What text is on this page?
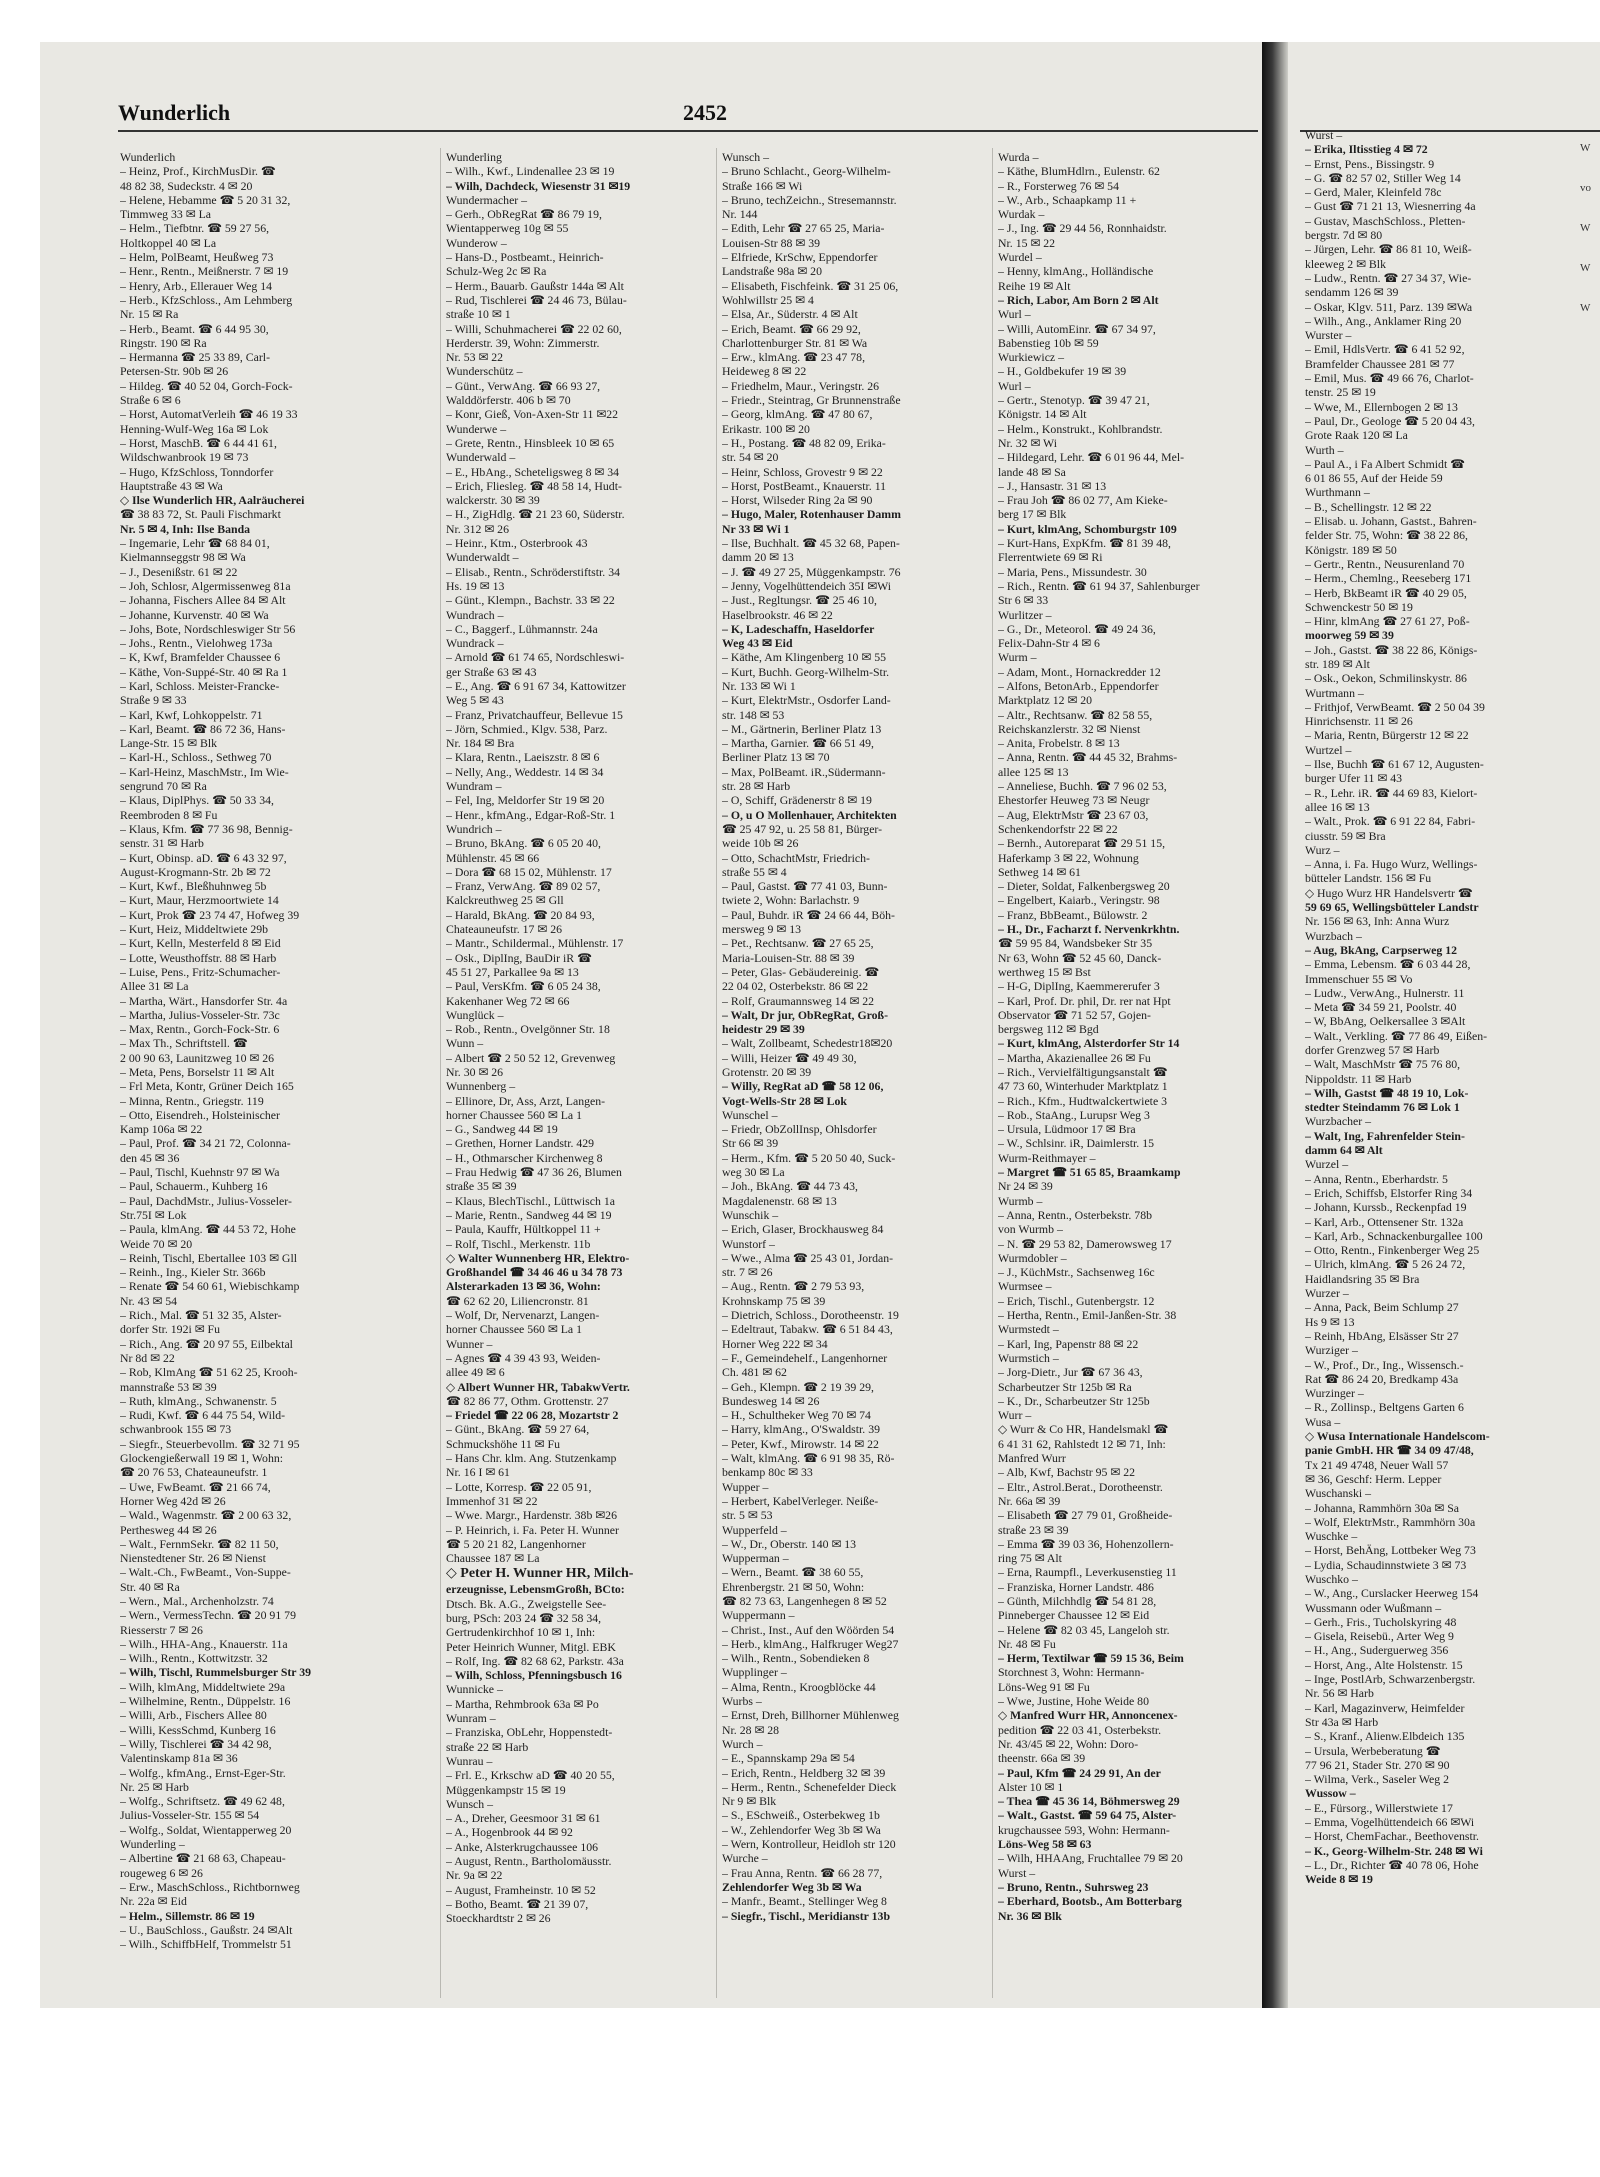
Wunderlich	2452
Wunderlich
– Heinz, Prof., KirchMusDir. ☎
48 82 38, Sudeckstr. 4 ✉ 20
– Helene, Hebamme ☎ 5 20 31 32,
Timmweg 33 ✉ La
– Helm., Tiefbtnr. ☎ 59 27 56,
Holtkoppel 40 ✉ La
– Helm, PolBeamt, Heußweg 73
– Henr., Rentn., Meißnerstr. 7 ✉ 19
– Henry, Arb., Ellerauer Weg 14
– Herb., KfzSchloss., Am Lehmberg
Nr. 15 ✉ Ra
– Herb., Beamt. ☎ 6 44 95 30,
Ringstr. 190 ✉ Ra
– Hermanna ☎ 25 33 89, Carl-
Petersen-Str. 90b ✉ 26
– Hildeg. ☎ 40 52 04, Gorch-Fock-
Straße 6 ✉ 6
– Horst, AutomatVerleih ☎ 46 19 33
Henning-Wulf-Weg 16a ✉ Lok
– Horst, MaschB. ☎ 6 44 41 61,
Wildschwanbrook 19 ✉ 73
– Hugo, KfzSchloss, Tonndorfer
Hauptstraße 43 ✉ Wa
◇ Ilse Wunderlich HR, Aalräucherei
☎ 38 83 72, St. Pauli Fischmarkt
Nr. 5 ✉ 4, Inh: Ilse Banda
– Ingemarie, Lehr ☎ 68 84 01,
Kielmannseggstr 98 ✉ Wa
– J., Desenißstr. 61 ✉ 22
– Joh, Schlosr, Algermissenweg 81a
– Johanna, Fischers Allee 84 ✉ Alt
– Johanne, Kurvenstr. 40 ✉ Wa
– Johs, Bote, Nordschleswiger Str 56
– Johs., Rentn., Vielohweg 173a
– K, Kwf, Bramfelder Chaussee 6
– Käthe, Von-Suppé-Str. 40 ✉ Ra 1
– Karl, Schloss. Meister-Francke-
Straße 9 ✉ 33
– Karl, Kwf, Lohkoppelstr. 71
– Karl, Beamt. ☎ 86 72 36, Hans-
Lange-Str. 15 ✉ Blk
– Karl-H., Schloss., Sethweg 70
– Karl-Heinz, MaschMstr., Im Wie-
sengrund 70 ✉ Ra
– Klaus, DiplPhys. ☎ 50 33 34,
Reembroden 8 ✉ Fu
– Klaus, Kfm. ☎ 77 36 98, Bennig-
senstr. 31 ✉ Harb
– Kurt, Obinsp. aD. ☎ 6 43 32 97,
August-Krogmann-Str. 2b ✉ 72
– Kurt, Kwf., Bleßhuhnweg 5b
– Kurt, Maur, Herzmoortwiete 14
– Kurt, Prok ☎ 23 74 47, Hofweg 39
– Kurt, Heiz, Middeltwiete 29b
– Kurt, Kelln, Mesterfeld 8 ✉ Eid
– Lotte, Weusthoffstr. 88 ✉ Harb
– Luise, Pens., Fritz-Schumacher-
Allee 31 ✉ La
– Martha, Wärt., Hansdorfer Str. 4a
– Martha, Julius-Vosseler-Str. 73c
– Max, Rentn., Gorch-Fock-Str. 6
– Max Th., Schriftstell. ☎
2 00 90 63, Launitzweg 10 ✉ 26
– Meta, Pens, Borselstr 11 ✉ Alt
– Frl Meta, Kontr, Grüner Deich 165
– Minna, Rentn., Griegstr. 119
– Otto, Eisendreh., Holsteinischer
Kamp 106a ✉ 22
– Paul, Prof. ☎ 34 21 72, Colonna-
den 45 ✉ 36
– Paul, Tischl, Kuehnstr 97 ✉ Wa
– Paul, Schauerm., Kuhberg 16
– Paul, DachdMstr., Julius-Vosseler-
Str.75I ✉ Lok
– Paula, klmAng. ☎ 44 53 72, Hohe
Weide 70 ✉ 20
– Reinh, Tischl, Ebertallee 103 ✉ Gll
– Reinh., Ing., Kieler Str. 366b
– Renate ☎ 54 60 61, Wiebischkamp
Nr. 43 ✉ 54
– Rich., Mal. ☎ 51 32 35, Alster-
dorfer Str. 192i ✉ Fu
– Rich., Ang. ☎ 20 97 55, Eilbektal
Nr 8d ✉ 22
– Rob, KlmAng ☎ 51 62 25, Krooh-
mannstraße 53 ✉ 39
– Ruth, klmAng., Schwanenstr. 5
– Rudi, Kwf. ☎ 6 44 75 54, Wild-
schwanbrook 155 ✉ 73
– Siegfr., Steuerbevollm. ☎ 32 71 95
Glockengießerwall 19 ✉ 1, Wohn:
☎ 20 76 53, Chateauneufstr. 1
– Uwe, FwBeamt. ☎ 21 66 74,
Horner Weg 42d ✉ 26
– Wald., Wagenmstr. ☎ 2 00 63 32,
Perthesweg 44 ✉ 26
– Walt., FernmSekr. ☎ 82 11 50,
Nienstedtener Str. 26 ✉ Nienst
– Walt.-Ch., FwBeamt., Von-Suppe-
Str. 40 ✉ Ra
– Wern., Mal., Archenholzstr. 74
– Wern., VermessTechn. ☎ 20 91 79
Riesserstr 7 ✉ 26
– Wilh., HHA-Ang., Knauerstr. 11a
– Wilh., Rentn., Kottwitzstr. 32
– Wilh, Tischl, Rummelsburger Str 39
– Wilh, klmAng, Middeltwiete 29a
– Wilhelmine, Rentn., Düppelstr. 16
– Willi, Arb., Fischers Allee 80
– Willi, KessSchmd, Kunberg 16
– Willy, Tischlerei ☎ 34 42 98,
Valentinskamp 81a ✉ 36
– Wolfg., kfmAng., Ernst-Eger-Str.
Nr. 25 ✉ Harb
– Wolfg., Schriftsetz. ☎ 49 62 48,
Julius-Vosseler-Str. 155 ✉ 54
– Wolfg., Soldat, Wientapperweg 20
Wunderling –
– Albertine ☎ 21 68 63, Chapeau-
rougeweg 6 ✉ 26
– Erw., MaschSchloss., Richtbornweg
Nr. 22a ✉ Eid
– Helm., Sillemstr. 86 ✉ 19
– U., BauSchloss., Gaußstr. 24 ✉Alt
– Wilh., SchiffbHelf, Trommelstr 51
Wunderling
– Wilh., Kwf., Lindenallee 23 ✉ 19
– Wilh, Dachdeck, Wiesenstr 31 ✉19
Wundermacher –
– Gerh., ObRegRat ☎ 86 79 19,
Wientapperweg 10g ✉ 55
Wunderow –
– Hans-D., Postbeamt., Heinrich-
Schulz-Weg 2c ✉ Ra
– Herm., Bauarb. Gaußstr 144a ✉ Alt
– Rud, Tischlerei ☎ 24 46 73, Bülau-
straße 10 ✉ 1
– Willi, Schuhmacherei ☎ 22 02 60,
Herderstr. 39, Wohn: Zimmerstr.
Nr. 53 ✉ 22
Wunderschütz –
– Günt., VerwAng. ☎ 66 93 27,
Walddörferstr. 406 b ✉ 70
– Konr, Gieß, Von-Axen-Str 11 ✉22
Wunderwe –
– Grete, Rentn., Hinsbleek 10 ✉ 65
Wunderwald –
– E., HbAng., Scheteligsweg 8 ✉ 34
– Erich, Fliesleg. ☎ 48 58 14, Hudt-
walckerstr. 30 ✉ 39
– H., ZigHdlg. ☎ 21 23 60, Süderstr.
Nr. 312 ✉ 26
– Heinr., Ktm., Osterbrook 43
Wunderwaldt –
– Elisab., Rentn., Schröderstiftstr. 34
Hs. 19 ✉ 13
– Günt., Klempn., Bachstr. 33 ✉ 22
Wundrach –
– C., Baggerf., Lühmannstr. 24a
Wundrack –
– Arnold ☎ 61 74 65, Nordschleswi-
ger Straße 63 ✉ 43
– E., Ang. ☎ 6 91 67 34, Kattowitzer
Weg 5 ✉ 43
– Franz, Privatchauffeur, Bellevue 15
– Jörn, Schmied., Klgv. 538, Parz.
Nr. 184 ✉ Bra
– Klara, Rentn., Laeiszstr. 8 ✉ 6
– Nelly, Ang., Weddestr. 14 ✉ 34
Wundram –
– Fel, Ing, Meldorfer Str 19 ✉ 20
– Henr., kfmAng., Edgar-Roß-Str. 1
Wundrich –
– Bruno, BkAng. ☎ 6 05 20 40,
Mühlenstr. 45 ✉ 66
– Dora ☎ 68 15 02, Mühlenstr. 17
– Franz, VerwAng. ☎ 89 02 57,
Kalckreuthweg 25 ✉ Gll
– Harald, BkAng. ☎ 20 84 93,
Chateauneufstr. 17 ✉ 26
– Mantr., Schildermal., Mühlenstr. 17
– Osk., DiplIng, BauDir iR ☎
45 51 27, Parkallee 9a ✉ 13
– Paul, VersKfm. ☎ 6 05 24 38,
Kakenhaner Weg 72 ✉ 66
Wunglück –
– Rob., Rentn., Ovelgönner Str. 18
Wunn –
– Albert ☎ 2 50 52 12, Grevenweg
Nr. 30 ✉ 26
Wunnenberg –
– Ellinore, Dr, Ass, Arzt, Langen-
horner Chaussee 560 ✉ La 1
– G., Sandweg 44 ✉ 19
– Grethen, Horner Landstr. 429
– H., Othmarscher Kirchenweg 8
– Frau Hedwig ☎ 47 36 26, Blumen
straße 35 ✉ 39
– Klaus, BlechTischl., Lüttwisch 1a
– Marie, Rentn., Sandweg 44 ✉ 19
– Paula, Kauffr, Hültkoppel 11 +
– Rolf, Tischl., Merkenstr. 11b
◇ Walter Wunnenberg HR, Elektro-
Großhandel ☎ 34 46 46 u 34 78 73
Alsterarkaden 13 ✉ 36, Wohn:
☎ 62 62 20, Liliencronstr. 81
– Wolf, Dr, Nervenarzt, Langen-
horner Chaussee 560 ✉ La 1
Wunner –
– Agnes ☎ 4 39 43 93, Weiden-
allee 49 ✉ 6
◇ Albert Wunner HR, TabakwVertr.
☎ 82 86 77, Othm. Grottenstr. 27
– Friedel ☎ 22 06 28, Mozartstr 2
– Günt., BkAng. ☎ 59 27 64,
Schmuckshöhe 11 ✉ Fu
– Hans Chr. klm. Ang. Stutzenkamp
Nr. 16 I ✉ 61
– Lotte, Korresp. ☎ 22 05 91,
Immenhof 31 ✉ 22
– Wwe. Margr., Hardenstr. 38b ✉26
– P. Heinrich, i. Fa. Peter H. Wunner
☎ 5 20 21 82, Langenhorner
Chaussee 187 ✉ La
◇ Peter H. Wunner HR, Milch-
erzeugnisse, LebensmGroßh, BCto:
Dtsch. Bk. A.G., Zweigstelle See-
burg, PSch: 203 24 ☎ 32 58 34,
Gertrudenkirchhof 10 ✉ 1, Inh:
Peter Heinrich Wunner, Mitgl. EBK
– Rolf, Ing. ☎ 82 68 62, Parkstr. 43a
– Wilh, Schloss, Pfenningsbusch 16
Wunnicke –
– Martha, Rehmbrook 63a ✉ Po
Wunram –
– Franziska, ObLehr, Hoppenstedt-
straße 22 ✉ Harb
Wunrau –
– Frl. E., Krkschw aD ☎ 40 20 55,
Müggenkampstr 15 ✉ 19
Wunsch –
– A., Dreher, Geesmoor 31 ✉ 61
– A., Hogenbrook 44 ✉ 92
– Anke, Alsterkrugchaussee 106
– August, Rentn., Bartholomäusstr.
Nr. 9a ✉ 22
– August, Framheinstr. 10 ✉ 52
– Botho, Beamt. ☎ 21 39 07,
Stoeckhardtstr 2 ✉ 26
Wunsch –
– Bruno Schlacht., Georg-Wilhelm-
Straße 166 ✉ Wi
– Bruno, techZeichn., Stresemannstr.
Nr. 144
– Edith, Lehr ☎ 27 65 25, Maria-
Louisen-Str 88 ✉ 39
– Elfriede, KrSchw, Eppendorfer
Landstraße 98a ✉ 20
– Elisabeth, Fischfeink. ☎ 31 25 06,
Wohlwillstr 25 ✉ 4
– Elsa, Ar., Süderstr. 4 ✉ Alt
– Erich, Beamt. ☎ 66 29 92,
Charlottenburger Str. 81 ✉ Wa
– Erw., klmAng. ☎ 23 47 78,
Heideweg 8 ✉ 22
– Friedhelm, Maur., Veringstr. 26
– Friedr., Steintrag, Gr Brunnenstraße
– Georg, klmAng. ☎ 47 80 67,
Erikastr. 100 ✉ 20
– H., Postang. ☎ 48 82 09, Erika-
str. 54 ✉ 20
– Heinr, Schloss, Grovestr 9 ✉ 22
– Horst, PostBeamt., Knauerstr. 11
– Horst, Wilseder Ring 2a ✉ 90
– Hugo, Maler, Rotenhauser Damm
Nr 33 ✉ Wi 1
– Ilse, Buchhalt. ☎ 45 32 68, Papen-
damm 20 ✉ 13
– J. ☎ 49 27 25, Müggenkampstr. 76
– Jenny, Vogelhüttendeich 35I ✉Wi
– Just., Regltungsr. ☎ 25 46 10,
Haselbrookstr. 46 ✉ 22
– K, Ladeschaffn, Haseldorfer
Weg 43 ✉ Eid
– Käthe, Am Klingenberg 10 ✉ 55
– Kurt, Buchh. Georg-Wilhelm-Str.
Nr. 133 ✉ Wi 1
– Kurt, ElektrMstr., Osdorfer Land-
str. 148 ✉ 53
– M., Gärtnerin, Berliner Platz 13
– Martha, Garnier. ☎ 66 51 49,
Berliner Platz 13 ✉ 70
– Max, PolBeamt. iR.,Südermann-
str. 28 ✉ Harb
– O, Schiff, Grädenerstr 8 ✉ 19
– O, u O Mollenhauer, Architekten
☎ 25 47 92, u. 25 58 81, Bürger-
weide 10b ✉ 26
– Otto, SchachtMstr, Friedrich-
straße 55 ✉ 4
– Paul, Gastst. ☎ 77 41 03, Bunn-
twiete 2, Wohn: Barlachstr. 9
– Paul, Buhdr. iR ☎ 24 66 44, Böh-
mersweg 9 ✉ 13
– Pet., Rechtsanw. ☎ 27 65 25,
Maria-Louisen-Str. 88 ✉ 39
– Peter, Glas- Gebäudereinig. ☎
22 04 02, Osterbekstr. 86 ✉ 22
– Rolf, Graumannsweg 14 ✉ 22
– Walt, Dr jur, ObRegRat, Groß-
heidestr 29 ✉ 39
– Walt, Zollbeamt, Schedestr18✉20
– Willi, Heizer ☎ 49 49 30,
Grotenstr. 20 ✉ 39
– Willy, RegRat aD ☎ 58 12 06,
Vogt-Wells-Str 28 ✉ Lok
Wunschel –
– Friedr, ObZollInsp, Ohlsdorfer
Str 66 ✉ 39
– Herm., Kfm. ☎ 5 20 50 40, Suck-
weg 30 ✉ La
– Joh., BkAng. ☎ 44 73 43,
Magdalenenstr. 68 ✉ 13
Wunschik –
– Erich, Glaser, Brockhausweg 84
Wunstorf –
– Wwe., Alma ☎ 25 43 01, Jordan-
str. 7 ✉ 26
– Aug., Rentn. ☎ 2 79 53 93,
Krohnskamp 75 ✉ 39
– Dietrich, Schloss., Dorotheenstr. 19
– Edeltraut, Tabakw. ☎ 6 51 84 43,
Horner Weg 222 ✉ 34
– F., Gemeindehelf., Langenhorner
Ch. 481 ✉ 62
– Geh., Klempn. ☎ 2 19 39 29,
Bundesweg 14 ✉ 26
– H., Schultheker Weg 70 ✉ 74
– Harry, klmAng., O'Swaldstr. 39
– Peter, Kwf., Mirowstr. 14 ✉ 22
– Walt, klmAng. ☎ 6 91 98 35, Rö-
benkamp 80c ✉ 33
Wupper –
– Herbert, KabelVerleger. Neiße-
str. 5 ✉ 53
Wupperfeld –
– W., Dr., Oberstr. 140 ✉ 13
Wupperman –
– Wern., Beamt. ☎ 38 60 55,
Ehrenbergstr. 21 ✉ 50, Wohn:
☎ 82 73 63, Langenhegen 8 ✉ 52
Wuppermann –
– Christ., Inst., Auf den Wöörden 54
– Herb., klmAng., Halfkruger Weg27
– Wilh., Rentn., Sobendieken 8
Wupplinger –
– Alma, Rentn., Kroogblöcke 44
Wurbs –
– Ernst, Dreh, Billhorner Mühlenweg
Nr. 28 ✉ 28
Wurch –
– E., Spannskamp 29a ✉ 54
– Erich, Rentn., Heldberg 32 ✉ 39
– Herm., Rentn., Schenefelder Dieck
Nr 9 ✉ Blk
– S., ESchweiß., Osterbekweg 1b
– W., Zehlendorfer Weg 3b ✉ Wa
– Wern, Kontrolleur, Heidloh str 120
Wurche –
– Frau Anna, Rentn. ☎ 66 28 77,
Zehlendorfer Weg 3b ✉ Wa
– Manfr., Beamt., Stellinger Weg 8
– Siegfr., Tischl., Meridianstr 13b
Wurda –
– Käthe, BlumHdlrn., Eulenstr. 62
– R., Forsterweg 76 ✉ 54
– W., Arb., Schaapkamp 11 +
Wurdak –
– J., Ing. ☎ 29 44 56, Ronnhaidstr.
Nr. 15 ✉ 22
Wurdel –
– Henny, klmAng., Holländische
Reihe 19 ✉ Alt
– Rich, Labor, Am Born 2 ✉ Alt
Wurl –
– Willi, AutomEinr. ☎ 67 34 97,
Babenstieg 10b ✉ 59
Wurkiewicz –
– H., Goldbekufer 19 ✉ 39
Wurl –
– Gertr., Stenotyp. ☎ 39 47 21,
Königstr. 14 ✉ Alt
– Helm., Konstrukt., Kohlbrandstr.
Nr. 32 ✉ Wi
– Hildegard, Lehr. ☎ 6 01 96 44, Mel-
lande 48 ✉ Sa
– J., Hansastr. 31 ✉ 13
– Frau Joh ☎ 86 02 77, Am Kieke-
berg 17 ✉ Blk
– Kurt, klmAng, Schomburgstr 109
– Kurt-Hans, ExpKfm. ☎ 81 39 48,
Flerrentwiete 69 ✉ Ri
– Maria, Pens., Missundestr. 30
– Rich., Rentn. ☎ 61 94 37, Sahlenburger
Str 6 ✉ 33
Wurlitzer –
– G., Dr., Meteorol. ☎ 49 24 36,
Felix-Dahn-Str 4 ✉ 6
Wurm –
– Adam, Mont., Hornackredder 12
– Alfons, BetonArb., Eppendorfer
Marktplatz 12 ✉ 20
– Altr., Rechtsanw. ☎ 82 58 55,
Reichskanzlerstr. 32 ✉ Nienst
– Anita, Frobelstr. 8 ✉ 13
– Anna, Rentn. ☎ 44 45 32, Brahms-
allee 125 ✉ 13
– Anneliese, Buchh. ☎ 7 96 02 53,
Ehestorfer Heuweg 73 ✉ Neugr
– Aug, ElektrMstr ☎ 23 67 03,
Schenkendorfstr 22 ✉ 22
– Bernh., Autoreparat ☎ 29 51 15,
Haferkamp 3 ✉ 22, Wohnung
Sethweg 14 ✉ 61
– Dieter, Soldat, Falkenbergsweg 20
– Engelbert, Kaiarb., Veringstr. 98
– Franz, BbBeamt., Bülowstr. 2
– H., Dr., Facharzt f. Nervenkrkhtn.
☎ 59 95 84, Wandsbeker Str 35
Nr 63, Wohn ☎ 52 45 60, Danck-
werthweg 15 ✉ Bst
– H-G, DiplIng, Kaemmererufer 3
– Karl, Prof. Dr. phil, Dr. rer nat Hpt
Observator ☎ 71 52 57, Gojen-
bergsweg 112 ✉ Bgd
– Kurt, klmAng, Alsterdorfer Str 14
– Martha, Akazienallee 26 ✉ Fu
– Rich., Vervielfältigungsanstalt ☎
47 73 60, Winterhuder Marktplatz 1
– Rich., Kfm., Hudtwalckertwiete 3
– Rob., StaAng., Lurupsr Weg 3
– Ursula, Lüdmoor 17 ✉ Bra
– W., Schlsinr. iR, Daimlerstr. 15
Wurm-Reithmayer –
– Margret ☎ 51 65 85, Braamkamp
Nr 24 ✉ 39
Wurmb –
– Anna, Rentn., Osterbekstr. 78b
von Wurmb –
– N. ☎ 29 53 82, Damerowsweg 17
Wurmdobler –
– J., KüchMstr., Sachsenweg 16c
Wurmsee –
– Erich, Tischl., Gutenbergstr. 12
– Hertha, Rentn., Emil-Janßen-Str. 38
Wurmstedt –
– Karl, Ing, Papenstr 88 ✉ 22
Wurmstich –
– Jorg-Dietr., Jur ☎ 67 36 43,
Scharbeutzer Str 125b ✉ Ra
– K., Dr., Scharbeutzer Str 125b
Wurr –
◇ Wurr & Co HR, Handelsmakl ☎
6 41 31 62, Rahlstedt 12 ✉ 71, Inh:
Manfred Wurr
– Alb, Kwf, Bachstr 95 ✉ 22
– Eltr., Astrol.Berat., Dorotheenstr.
Nr. 66a ✉ 39
– Elisabeth ☎ 27 79 01, Großheide-
straße 23 ✉ 39
– Emma ☎ 39 03 36, Hohenzollern-
ring 75 ✉ Alt
– Erna, Raumpfl., Leverkusenstieg 11
– Franziska, Horner Landstr. 486
– Günth, Milchhdlg ☎ 54 81 28,
Pinneberger Chaussee 12 ✉ Eid
– Helene ☎ 82 03 45, Langeloh str.
Nr. 48 ✉ Fu
– Herm, Textilwar ☎ 59 15 36, Beim
Storchnest 3, Wohn: Hermann-
Löns-Weg 91 ✉ Fu
– Wwe, Justine, Hohe Weide 80
◇ Manfred Wurr HR, Annoncenex-
pedition ☎ 22 03 41, Osterbekstr.
Nr. 43/45 ✉ 22, Wohn: Doro-
theenstr. 66a ✉ 39
– Paul, Kfm ☎ 24 29 91, An der
Alster 10 ✉ 1
– Thea ☎ 45 36 14, Böhmersweg 29
– Walt., Gastst. ☎ 59 64 75, Alster-
krugchaussee 593, Wohn: Hermann-
Löns-Weg 58 ✉ 63
– Wilh, HHAAng, Fruchtallee 79 ✉ 20
Wurst –
– Bruno, Rentn., Suhrsweg 23
– Eberhard, Bootsb., Am Botterbarg
Nr. 36 ✉ Blk
Wurst –
– Erika, Iltisstieg 4 ✉ 72
– Ernst, Pens., Bissingstr. 9
– G. ☎ 82 57 02, Stiller Weg 14
– Gerd, Maler, Kleinfeld 78c
– Gust ☎ 71 21 13, Wiesnerring 4a
– Gustav, MaschSchloss., Pletten-
bergstr. 7d ✉ 80
– Jürgen, Lehr. ☎ 86 81 10, Weiß-
kleeweg 2 ✉ Blk
– Ludw., Rentn. ☎ 27 34 37, Wie-
sendamm 126 ✉ 39
– Oskar, Klgv. 511, Parz. 139 ✉Wa
– Wilh., Ang., Anklamer Ring 20
Wurster –
– Emil, HdlsVertr. ☎ 6 41 52 92,
Bramfelder Chaussee 281 ✉ 77
– Emil, Mus. ☎ 49 66 76, Charlot-
tenstr. 25 ✉ 19
– Wwe, M., Ellernbogen 2 ✉ 13
– Paul, Dr., Geologe ☎ 5 20 04 43,
Grote Raak 120 ✉ La
Wurth –
– Paul A., i Fa Albert Schmidt ☎
6 01 86 55, Auf der Heide 59
Wurthmann –
– B., Schellingstr. 12 ✉ 22
– Elisab. u. Johann, Gastst., Bahren-
felder Str. 75, Wohn: ☎ 38 22 86,
Königstr. 189 ✉ 50
– Gertr., Rentn., Neusurenland 70
– Herm., Chemlng., Reeseberg 171
– Herb, BkBeamt iR ☎ 40 29 05,
Schwenckestr 50 ✉ 19
– Hinr, klmAng ☎ 27 61 27, Poß-
moorweg 59 ✉ 39
– Joh., Gastst. ☎ 38 22 86, Königs-
str. 189 ✉ Alt
– Osk., Oekon, Schmilinskystr. 86
Wurtmann –
– Frithjof, VerwBeamt. ☎ 2 50 04 39
Hinrichsenstr. 11 ✉ 26
– Maria, Rentn, Bürgerstr 12 ✉ 22
Wurtzel –
– Ilse, Buchh ☎ 61 67 12, Augusten-
burger Ufer 11 ✉ 43
– R., Lehr. iR. ☎ 44 69 83, Kielort-
allee 16 ✉ 13
– Walt., Prok. ☎ 6 91 22 84, Fabri-
ciusstr. 59 ✉ Bra
Wurz –
– Anna, i. Fa. Hugo Wurz, Wellings-
bütteler Landstr. 156 ✉ Fu
◇ Hugo Wurz HR Handelsvertr ☎
59 69 65, Wellingsbütteler Landstr
Nr. 156 ✉ 63, Inh: Anna Wurz
Wurzbach –
– Aug, BkAng, Carpserweg 12
– Emma, Lebensm. ☎ 6 03 44 28,
Immenschuer 55 ✉ Vo
– Ludw., VerwAng., Hulnerstr. 11
– Meta ☎ 34 59 21, Poolstr. 40
– W, BbAng, Oelkersallee 3 ✉Alt
– Walt., Verkling. ☎ 77 86 49, Eißen-
dorfer Grenzweg 57 ✉ Harb
– Walt, MaschMstr ☎ 75 76 80,
Nippoldstr. 11 ✉ Harb
– Wilh, Gastst ☎ 48 19 10, Lok-
stedter Steindamm 76 ✉ Lok 1
Wurzbacher –
– Walt, Ing, Fahrenfelder Stein-
damm 64 ✉ Alt
Wurzel –
– Anna, Rentn., Eberhardstr. 5
– Erich, Schiffsb, Elstorfer Ring 34
– Johann, Kurssb., Reckenpfad 19
– Karl, Arb., Ottensener Str. 132a
– Karl, Arb., Schnackenburgallee 100
– Otto, Rentn., Finkenberger Weg 25
– Ulrich, klmAng. ☎ 5 26 24 72,
Haidlandsring 35 ✉ Bra
Wurzer –
– Anna, Pack, Beim Schlump 27
Hs 9 ✉ 13
– Reinh, HbAng, Elsässer Str 27
Wurziger –
– W., Prof., Dr., Ing., Wissensch.-
Rat ☎ 86 24 20, Bredkamp 43a
Wurzinger –
– R., Zollinsp., Beltgens Garten 6
Wusa –
◇ Wusa Internationale Handelscom-
panie GmbH. HR ☎ 34 09 47/48,
Tx 21 49 4748, Neuer Wall 57
✉ 36, Geschf: Herm. Lepper
Wuschanski –
– Johanna, Rammhörn 30a ✉ Sa
– Wolf, ElektrMstr., Rammhörn 30a
Wuschke –
– Horst, BehÄng, Lottbeker Weg 73
– Lydia, Schaudinnstwiete 3 ✉ 73
Wuschko –
– W., Ang., Curslacker Heerweg 154
Wussmann oder Wußmann –
– Gerh., Fris., Tucholskyring 48
– Gisela, Reisebü., Arter Weg 9
– H., Ang., Suderguerweg 356
– Horst, Ang., Alte Holstenstr. 15
– Inge, PostlArb, Schwarzenbergstr.
Nr. 56 ✉ Harb
– Karl, Magazinverw, Heimfelder
Str 43a ✉ Harb
– S., Kranf., Alienw.Elbdeich 135
– Ursula, Werbeberatung ☎
77 96 21, Stader Str. 270 ✉ 90
– Wilma, Verk., Saseler Weg 2
Wussow –
– E., Fürsorg., Willerstwiete 17
– Emma, Vogelhüttendeich 66 ✉Wi
– Horst, ChemFachar., Beethovenstr.
– K., Georg-Wilhelm-Str. 248 ✉ Wi
– L., Dr., Richter ☎ 40 78 06, Hohe
Weide 8 ✉ 19
W
vo
W
W
W
